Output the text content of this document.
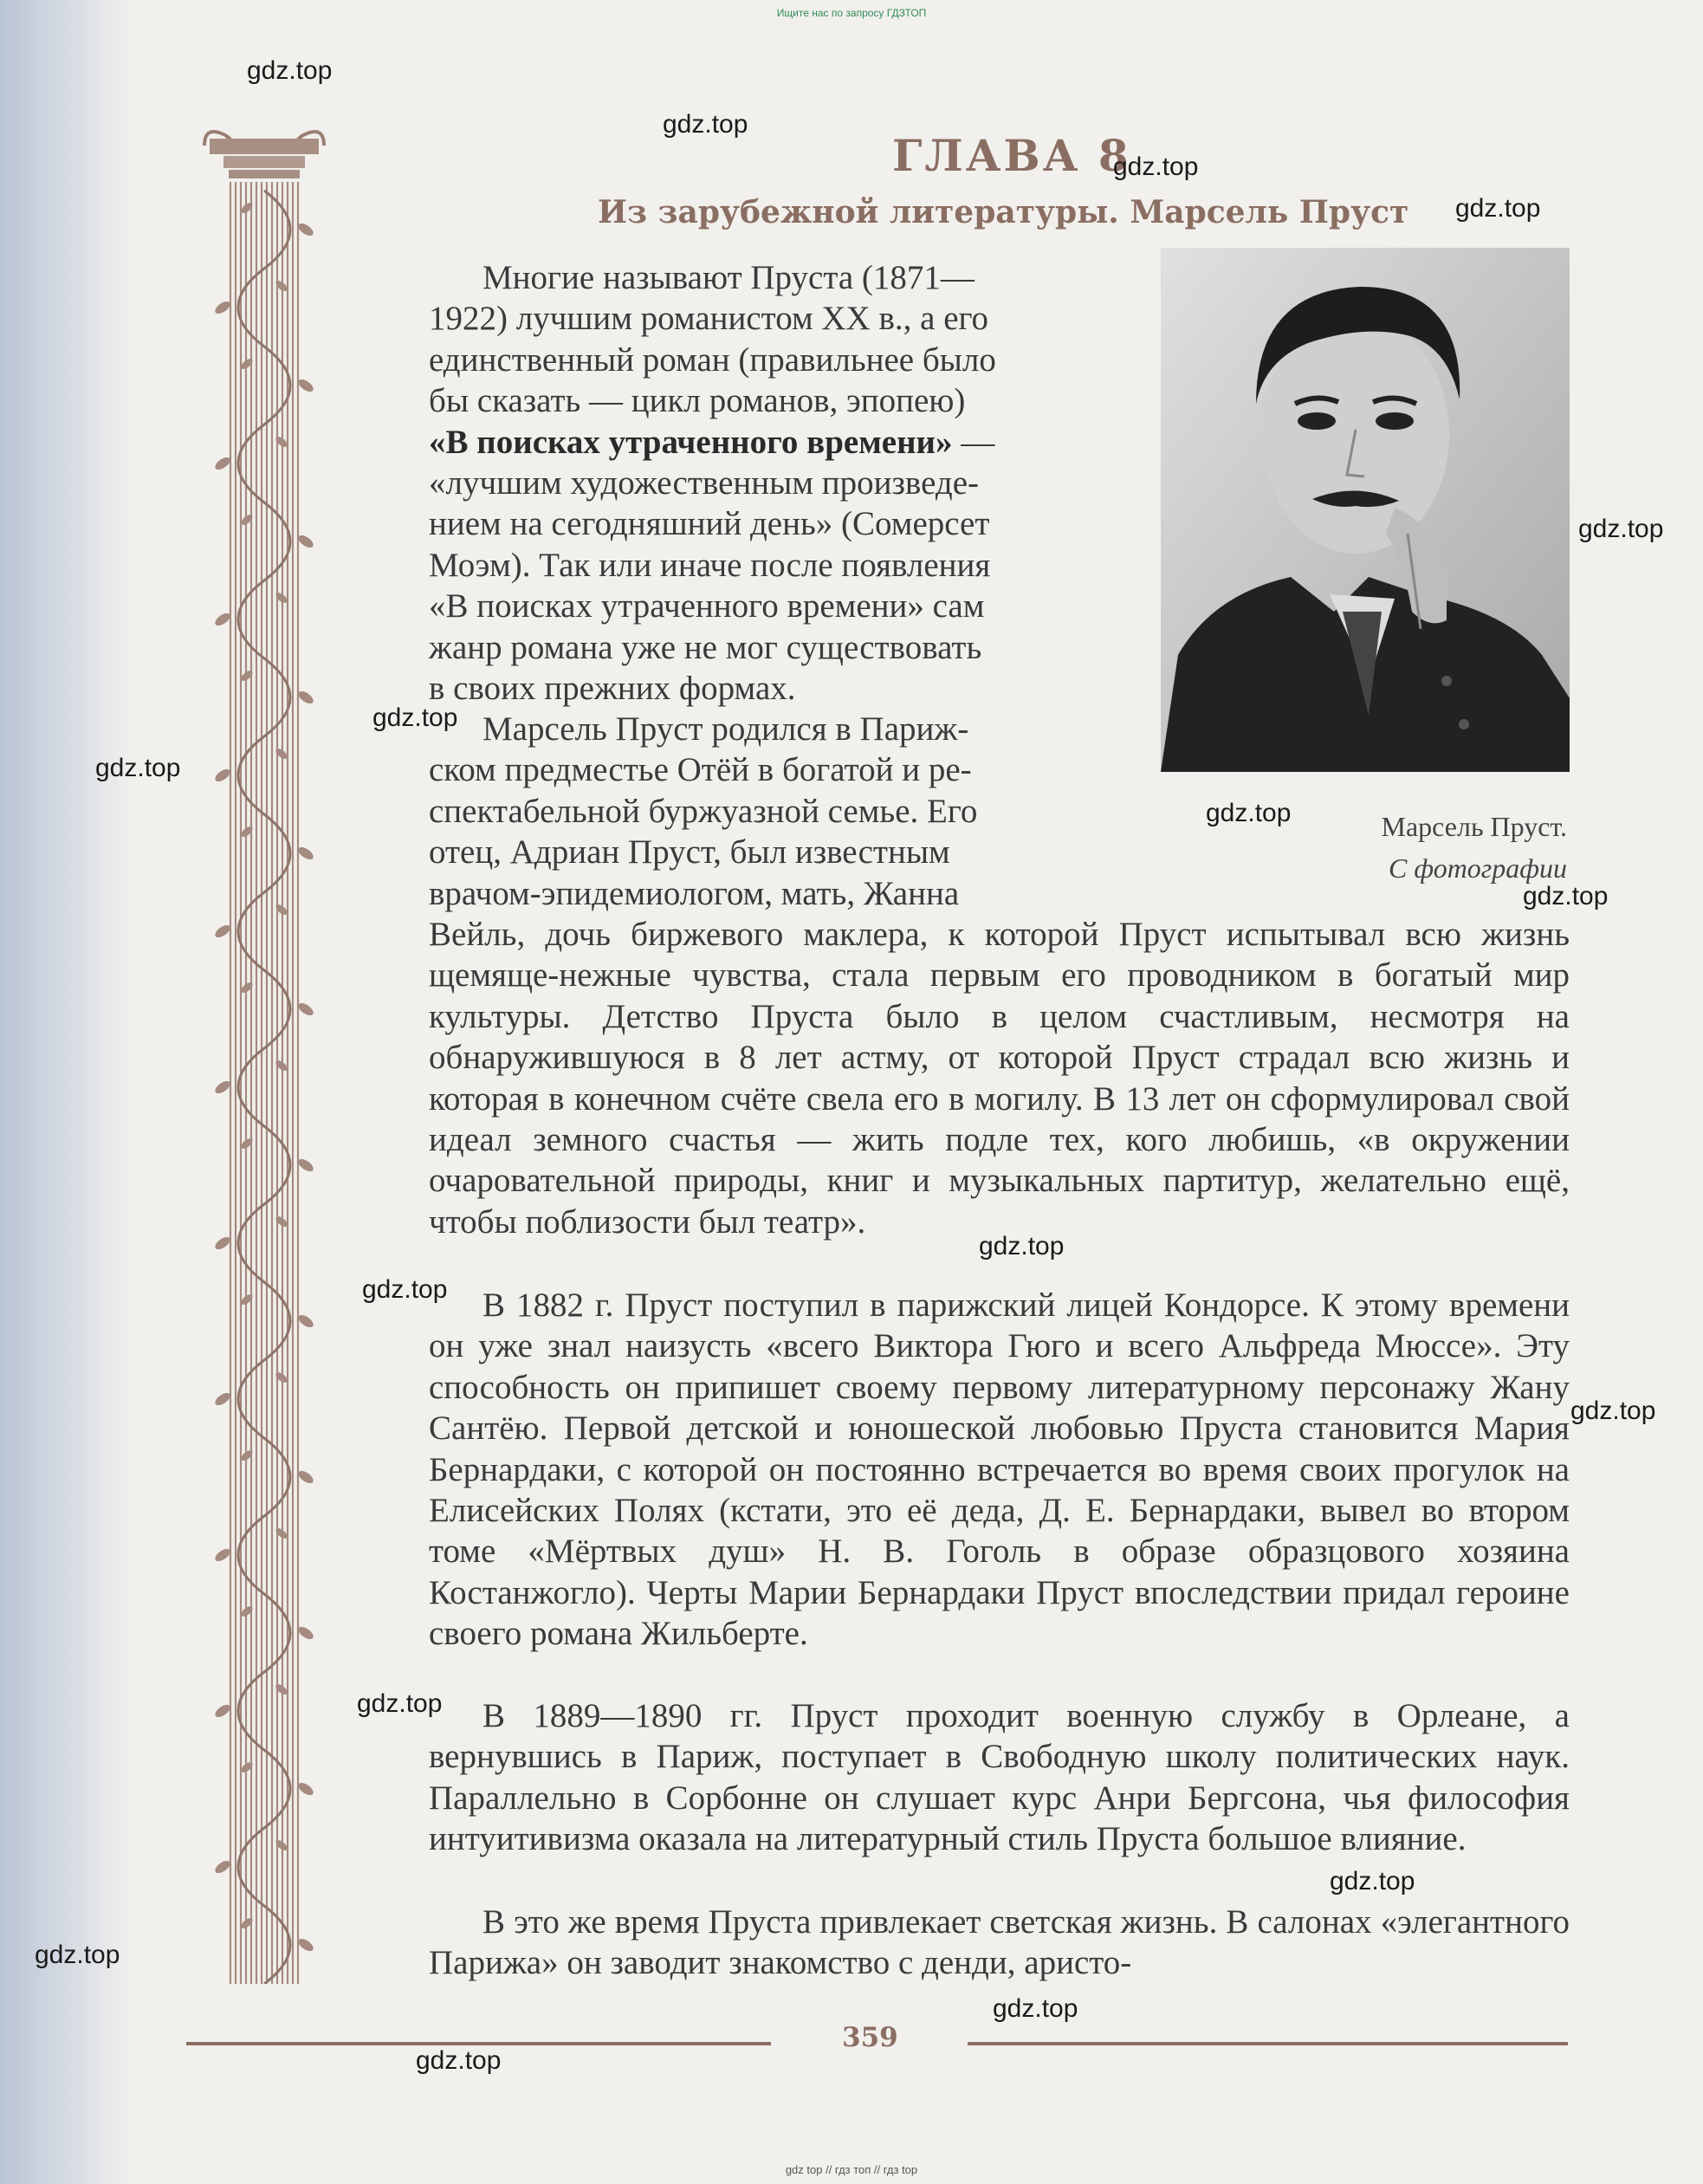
Ищите нас по запросу ГДЗТОП
ГЛАВА 8
Из зарубежной литературы. Марсель Пруст
Многие называют Пруста (1871—
1922) лучшим романистом XX в., а его
единственный роман (правильнее было
бы сказать — цикл романов, эпопею)
«В поисках утраченного времени» —
«лучшим художественным произведе-
нием на сегодняшний день» (Сомерсет
Моэм). Так или иначе после появления
«В поисках утраченного времени» сам
жанр романа уже не мог существовать
в своих прежних формах.
Марсель Пруст родился в Париж-
ском предместье Отёй в богатой и ре-
спектабельной буржуазной семье. Его
отец, Адриан Пруст, был известным
врачом-эпидемиологом, мать, Жанна
Марсель Пруст.
С фотографии
Вейль, дочь биржевого маклера, к которой Пруст испытывал всю жизнь щемяще-нежные чувства, стала первым его проводником в богатый мир культуры. Детство Пруста было в целом счастливым, несмотря на обнаружившуюся в 8 лет астму, от которой Пруст страдал всю жизнь и которая в конечном счёте свела его в могилу. В 13 лет он сформулировал свой идеал земного счастья — жить подле тех, кого любишь, «в окружении очаровательной природы, книг и музыкальных партитур, желательно ещё, чтобы поблизости был театр».
В 1882 г. Пруст поступил в парижский лицей Кондорсе. К этому времени он уже знал наизусть «всего Виктора Гюго и всего Альфреда Мюссе». Эту способность он припишет своему первому литературному персонажу Жану Сантёю. Первой детской и юношеской любовью Пруста становится Мария Бернардаки, с которой он постоянно встречается во время своих прогулок на Елисейских Полях (кстати, это её деда, Д. Е. Бернардаки, вывел во втором томе «Мёртвых душ» Н. В. Гоголь в образе образцового хозяина Костанжогло). Черты Марии Бернардаки Пруст впоследствии придал героине своего романа Жильберте.
В 1889—1890 гг. Пруст проходит военную службу в Орлеане, а вернувшись в Париж, поступает в Свободную школу политических наук. Параллельно в Сорбонне он слушает курс Анри Бергсона, чья философия интуитивизма оказала на литературный стиль Пруста большое влияние.
В это же время Пруста привлекает светская жизнь. В салонах «элегантного Парижа» он заводит знакомство с денди, аристо-
359
gdz.top
gdz.top
gdz.top
gdz.top
gdz.top
gdz.top
gdz.top
gdz.top
gdz.top
gdz.top
gdz.top
gdz.top
gdz.top
gdz.top
gdz.top
gdz.top
gdz.top
gdz top // гдз топ // гдз top
